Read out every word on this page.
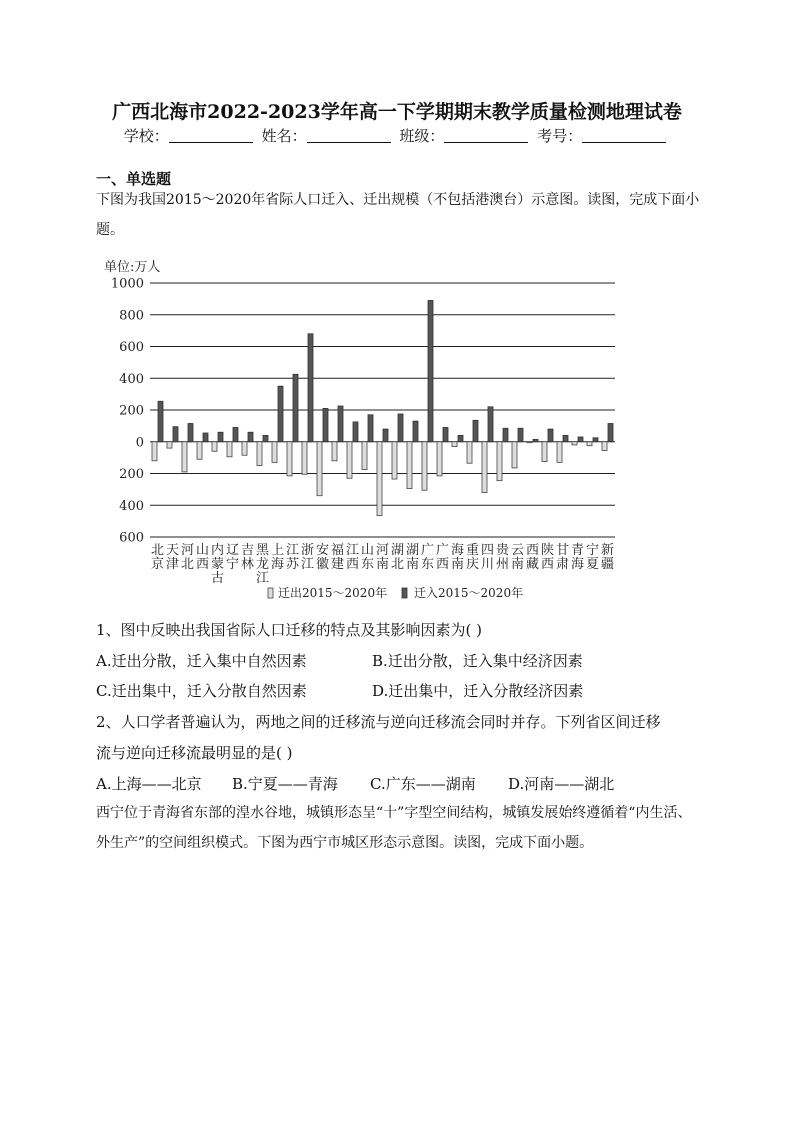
广西北海市2022-2023学年高一下学期期末教学质量检测地理试卷
学校：	姓名：	班级：	考号：
一、单选题
下图为我国2015～2020年省际人口迁入、迁出规模（不包括港澳台）示意图。读图，完成下面小题。
单位:万人
1000
800
600
400
200
0
200
400
600
北
京
天
津
河
北
山
西
内
蒙
古
辽
宁
吉
林
黑
龙
江
上
海
江
苏
浙
江
安
徽
福
建
江
西
山
东
河
南
湖
北
湖
南
广
东
广
西
海
南
重
庆
四
川
贵
州
云
南
西
藏
陕
西
甘
肃
青
海
宁
夏
新
疆
迁出2015～2020年 迁入2015～2020年
1、图中反映出我国省际人口迁移的特点及其影响因素为( )
A.迁出分散，迁入集中自然因素	B.迁出分散，迁入集中经济因素
C.迁出集中，迁入分散自然因素	D.迁出集中，迁入分散经济因素
2、人口学者普遍认为，两地之间的迁移流与逆向迁移流会同时并存。下列省区间迁移
流与逆向迁移流最明显的是( )
A.上海——北京 B.宁夏——青海 C.广东——湖南 D.河南——湖北
西宁位于青海省东部的湟水谷地，城镇形态呈“十”字型空间结构，城镇发展始终遵循着“内生活、外生产”的空间组织模式。下图为西宁市城区形态示意图。读图，完成下面小题。
